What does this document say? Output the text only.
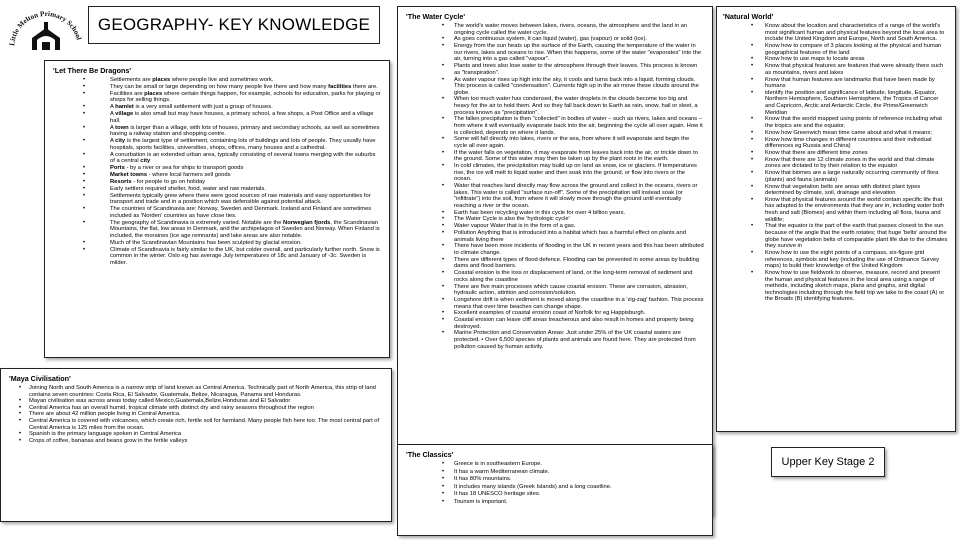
Little Melton Primary School
GEOGRAPHY- KEY KNOWLEDGE
'Let There Be Dragons'
• Settlements are places where people live and sometimes work.
• They can be small or large depending on how many people live there and how many facilities there are.
• Facilities are places where certain things happen, for example, schools for education, parks for playing or shops for selling things.
• A hamlet is a very small settlement with just a group of houses.
• A village is also small but may have houses, a primary school, a few shops, a Post Office and a village hall.
• A town is larger than a village, with lots of houses, primary and secondary schools, as well as sometimes having a railway station and shopping centre.
• A city is the largest type of settlement, containing lots of buildings and lots of people. They usually have hospitals, sports facilities, universities, shops, offices, many houses and a cathedral.
• A conurbation is an extended urban area, typically consisting of several towns merging with the suburbs of a central city
• Ports - by a river or sea for ships to transport goods
• Market towns - where local farmers sell goods
• Resorts - for people to go on holiday
• Early settlers required shelter, food, water and raw materials.
• Settlements typically grew where there were good sources of raw materials and easy opportunities for transport and trade and in a position which was defensible against potential attack.
• The countries of Scandinavia are: Norway, Sweden and Denmark. Iceland and Finland are sometimes included as 'Norden' countries as have close ties.
• The geography of Scandinavia is extremely varied. Notable are the Norwegian fjords, the Scandinavian Mountains, the flat, low areas in Denmark, and the archipelagos of Sweden and Norway. When Finland is included, the moraines (ice age remnants) and lake areas are also notable.
• Much of the Scandinavian Mountains has been sculpted by glacial erosion.
• Climate of Scandinavia is fairly similar to the UK, but colder overall, and particularly further north. Snow is common in the winter. Oslo eg has average July temperatures of 18c and January of -3c. Sweden is milder.
'Maya Civilisation'
• Joining North and South America is a narrow strip of land known as Central America. Technically part of North America, this strip of land contains seven countries: Costa Rica, El Salvador, Guatemala, Belize, Nicaragua, Panama and Honduras.
• Mayan civilisation was across areas today called Mexico,Guatemala,Belize,Honduras and El Salvador
• Central America has an overall humid, tropical climate with distinct dry and rainy seasons throughout the region
• There are about 42 million people living in Central America.
• Central America is covered with volcanoes, which create rich, fertile soil for farmland. Many people fish here too. The most central part of Central America is 125 miles from the ocean.
• Spanish is the primary language spoken in Central America
• Crops of coffee, bananas and beans grow in the fertile valleys
'The Water Cycle'
• The world's water moves between lakes, rivers, oceans, the atmosphere and the land in an ongoing cycle called the water cycle.
• As goes continuous system, it can liquid (water), gas (vapour) or solid (ice).
• Energy from the sun heats up the surface of the Earth, causing the temperature of the water in our rivers, lakes and oceans to rise. When this happens, some of the water "evaporates" into the air, turning into a gas called "vapour".
• Plants and trees also lose water to the atmosphere through their leaves. This process is known as "transpiration".
• As water vapour rises up high into the sky, it cools and turns back into a liquid, forming clouds. This process is called "condensation". Currents high up in the air move these clouds around the globe.
• When too much water has condensed, the water droplets in the clouds become too big and heavy for the air to hold them. And so they fall back down to Earth as rain, snow, hail or sleet, a process known as "precipitation".
• The fallen precipitation is then "collected" in bodies of water – such as rivers, lakes and oceans – from where it will eventually evaporate back into the air, beginning the cycle all over again. How it is collected, depends on where it lands.
• Some will fall directly into lakes, rivers or the sea, from where it will evaporate and begin the cycle all over again.
• If the water falls on vegetation, it may evaporate from leaves back into the air, or trickle down to the ground. Some of this water may then be taken up by the plant roots in the earth.
• In cold climates, the precipitation may build up on land as snow, ice or glaciers. If temperatures rise, the ice will melt to liquid water and then soak into the ground, or flow into rivers or the ocean.
• Water that reaches land directly may flow across the ground and collect in the oceans, rivers or lakes. This water is called "surface run-off". Some of the precipitation will instead soak (or "infiltrate") into the soil, from where it will slowly move through the ground until eventually reaching a river or the ocean.
• Earth has been recycling water in this cycle for over 4 billion years.
• The Water Cycle is also the 'hydrologic cycle'
• Water vapour Water that is in the form of a gas.
• Pollution Anything that is introduced into a habitat which has a harmful effect on plants and animals living there
• There have been more incidents of flooding in the UK in recent years and this has been attributed to climate change.
• There are different types of flood defence. Flooding can be prevented in some areas by building dams and flood barriers.
• Coastal erosion is the loss or displacement of land, or the long-term removal of sediment and rocks along the coastline
• There are five main processes which cause coastal erosion. These are corrasion, abrasion, hydraulic action, attrition and corrosion/solution.
• Longshore drift is when sediment is moved along the coastline in a 'zig-zag' fashion. This process means that over time beaches can change shape.
• Excellent examples of coastal erosion coast of Norfolk for eg Happisburgh.
• Coastal erosion can leave cliff areas treacherous and also result in homes and property being destroyed.
• Marine Protection and Conservation Areas: Just under 25% of the UK coastal waters are protected. • Over 6,500 species of plants and animals are found here. They are protected from pollution caused by human activity.
'The Classics'
• Greece is in southeastern Europe.
• It has a warm Mediterranean climate.
• It has 80% mountains.
• It includes many islands (Greek Islands) and a long coastline.
• It has 18 UNESCO heritage sites.
• Tourism is important.
'Natural World'
• Know about the location and characteristics of a range of the world's most significant human and physical features beyond the local area to include the United Kingdom and Europe, North and South America.
• Know how to compare of 3 places looking at the physical and human geographical features of the land
• Know how to use maps to locate areas
• Know that physical features are features that were already there such as mountains, rivers and lakes
• Know that human features are landmarks that have been made by humans
• identify the position and significance of latitude, longitude, Equator, Northern Hemisphere, Southern Hemisphere, the Tropics of Cancer and Capricorn, Arctic and Antarctic Circle, the Prime/Greenwich Meridian
• Know that the world mapped using points of reference including what the tropics are and the equator.
• Know how Greenwich mean time came about and what it means;
• Know how time changes in different countries and their individual differences eg Russia and China)
• Know that there are different time zones
• Know that there are 12 climate zones in the world and that climate zones are dictated to by their relation to the equator
• Know that biomes are a large naturally occurring community of flora (plants) and fauna (animals)
• Know that vegetation belts are areas with distinct plant types determined by climate, soil, drainage and elevation
• Know that physical features around the world contain specific life that has adapted to the environments that they are in, including water both fresh and salt (Biomes) and within them including all flora, fauna and wildlife;
• That the equator is the part of the earth that passes closest to the sun because of the angle that the earth rotates; that huge 'belts' around the globe have vegetation belts of comparable plant life due to the climates they survive in
• Know how to use the eight points of a compass, six-figure grid references, symbols and key (including the use of Ordnance Survey maps) to build their knowledge of the United Kingdom
• Know how to use fieldwork to observe, measure, record and present the human and physical features in the local area using a range of methods, including sketch maps, plans and graphs, and digital technologies including through the field trip we take to the coast (A) or the Broads (B) identifying features.
Upper Key Stage 2
